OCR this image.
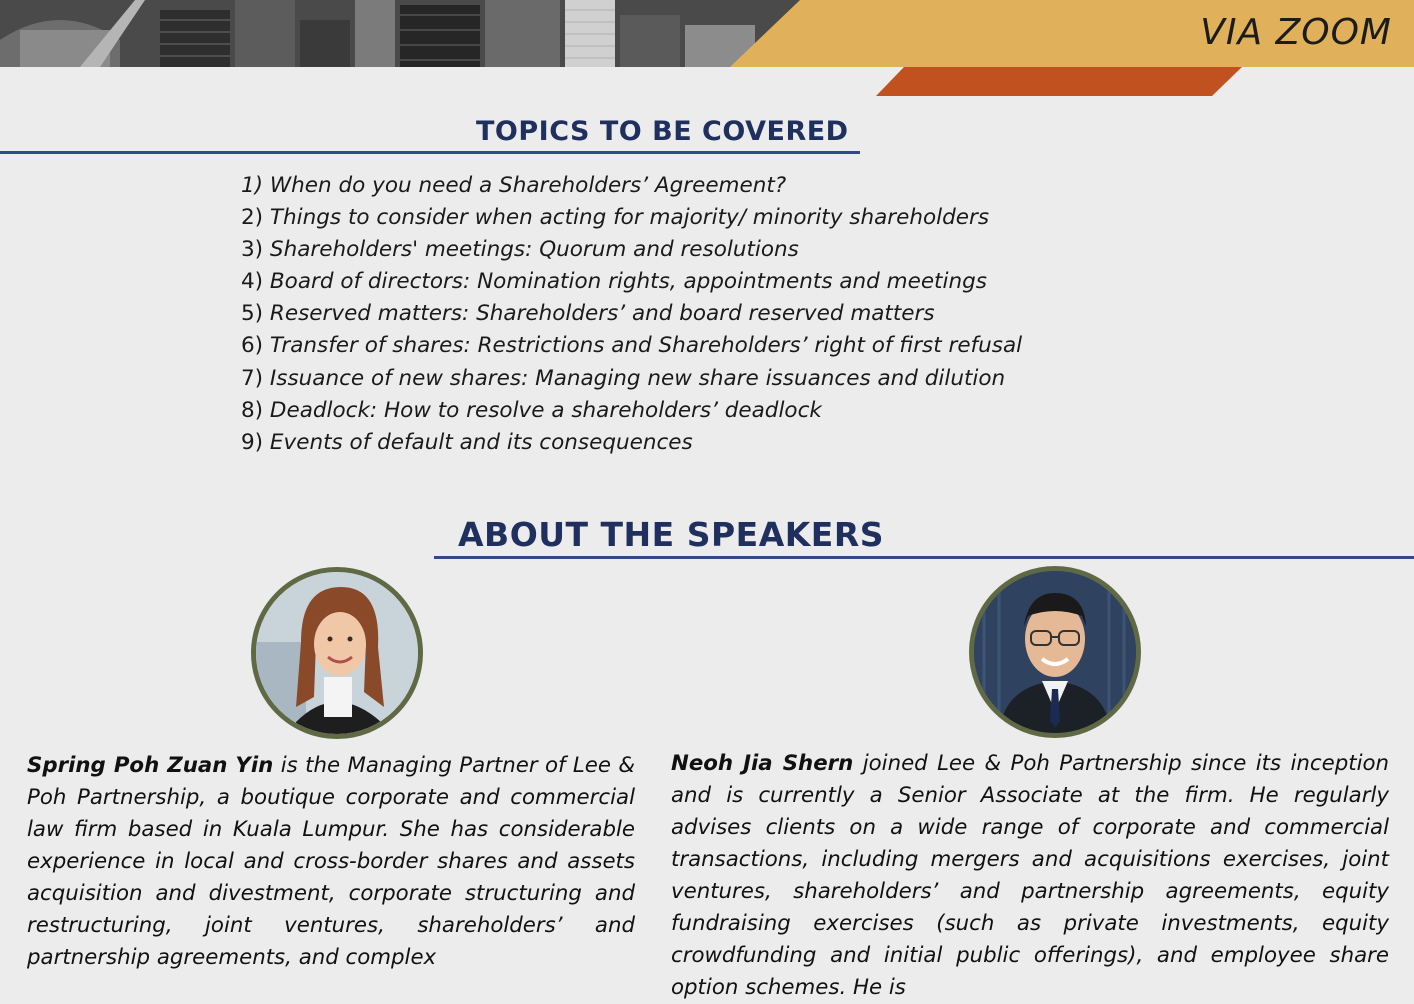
VIA ZOOM
TOPICS TO BE COVERED
1) When do you need a Shareholders’ Agreement?
2) Things to consider when acting for majority/ minority shareholders
3) Shareholders' meetings: Quorum and resolutions
4) Board of directors: Nomination rights, appointments and meetings
5) Reserved matters: Shareholders’ and board reserved matters
6) Transfer of shares: Restrictions and Shareholders’ right of first refusal
7) Issuance of new shares: Managing new share issuances and dilution
8) Deadlock: How to resolve a shareholders’ deadlock
9) Events of default and its consequences
ABOUT THE SPEAKERS
Spring Poh Zuan Yin is the Managing Partner of Lee & Poh Partnership, a boutique corporate and commercial law firm based in Kuala Lumpur. She has considerable experience in local and cross-border shares and assets acquisition and divestment, corporate structuring and restructuring, joint ventures, shareholders’ and partnership agreements, and complex
Neoh Jia Shern joined Lee & Poh Partnership since its inception and is currently a Senior Associate at the firm. He regularly advises clients on a wide range of corporate and commercial transactions, including mergers and acquisitions exercises, joint ventures, shareholders’ and partnership agreements, equity fundraising exercises (such as private investments, equity crowdfunding and initial public offerings), and employee share option schemes. He is
